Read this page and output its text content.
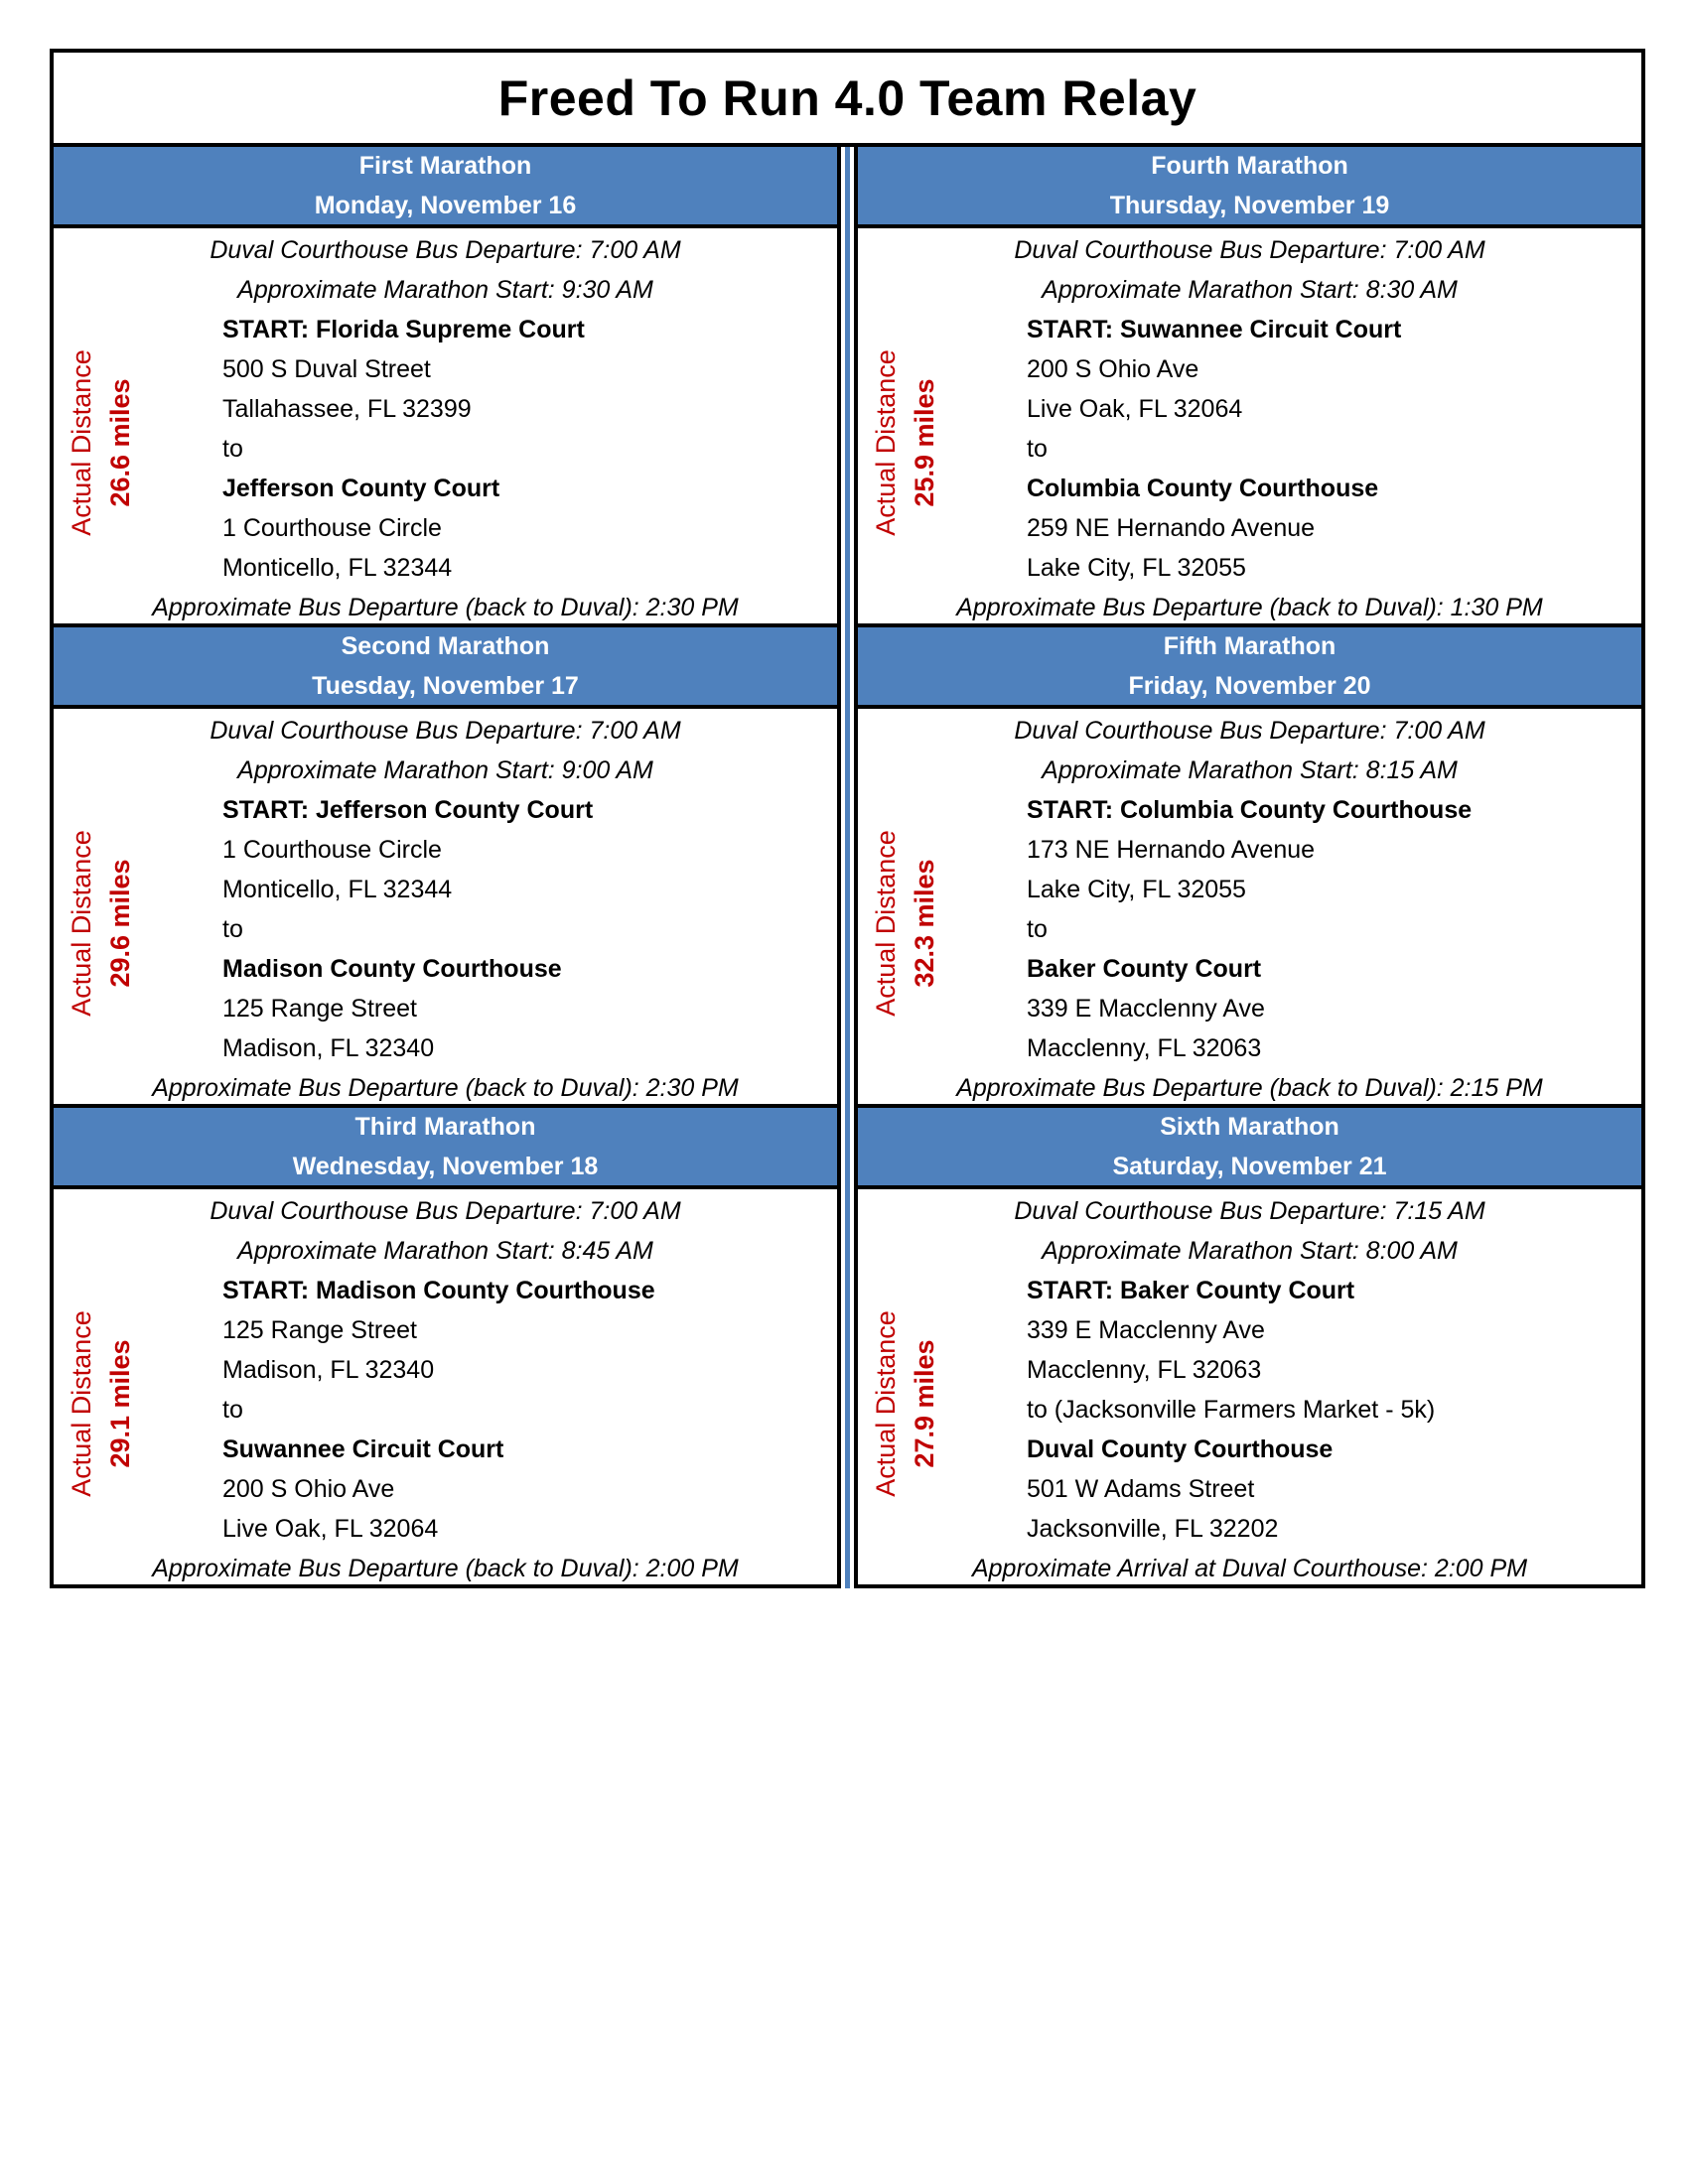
Freed To Run 4.0 Team Relay
First Marathon
Monday, November 16
Actual Distance 26.6 miles
Duval Courthouse Bus Departure: 7:00 AM
Approximate Marathon Start: 9:30 AM
START: Florida Supreme Court
500 S Duval Street
Tallahassee, FL 32399
to
Jefferson County Court
1 Courthouse Circle
Monticello, FL 32344
Approximate Bus Departure (back to Duval): 2:30 PM
Second Marathon
Tuesday, November 17
Actual Distance 29.6 miles
Duval Courthouse Bus Departure: 7:00 AM
Approximate Marathon Start: 9:00 AM
START: Jefferson County Court
1 Courthouse Circle
Monticello, FL 32344
to
Madison County Courthouse
125 Range Street
Madison, FL 32340
Approximate Bus Departure (back to Duval): 2:30 PM
Third Marathon
Wednesday, November 18
Actual Distance 29.1 miles
Duval Courthouse Bus Departure: 7:00 AM
Approximate Marathon Start: 8:45 AM
START: Madison County Courthouse
125 Range Street
Madison, FL 32340
to
Suwannee Circuit Court
200 S Ohio Ave
Live Oak, FL 32064
Approximate Bus Departure (back to Duval): 2:00 PM
Fourth Marathon
Thursday, November 19
Actual Distance 25.9 miles
Duval Courthouse Bus Departure: 7:00 AM
Approximate Marathon Start: 8:30 AM
START: Suwannee Circuit Court
200 S Ohio Ave
Live Oak, FL 32064
to
Columbia County Courthouse
259 NE Hernando Avenue
Lake City, FL 32055
Approximate Bus Departure (back to Duval): 1:30 PM
Fifth Marathon
Friday, November 20
Actual Distance 32.3 miles
Duval Courthouse Bus Departure: 7:00 AM
Approximate Marathon Start: 8:15 AM
START: Columbia County Courthouse
173 NE Hernando Avenue
Lake City, FL 32055
to
Baker County Court
339 E Macclenny Ave
Macclenny, FL 32063
Approximate Bus Departure (back to Duval): 2:15 PM
Sixth Marathon
Saturday, November 21
Actual Distance 27.9 miles
Duval Courthouse Bus Departure: 7:15 AM
Approximate Marathon Start: 8:00 AM
START: Baker County Court
339 E Macclenny Ave
Macclenny, FL 32063
to (Jacksonville Farmers Market - 5k)
Duval County Courthouse
501 W Adams Street
Jacksonville, FL 32202
Approximate Arrival at Duval Courthouse: 2:00 PM
